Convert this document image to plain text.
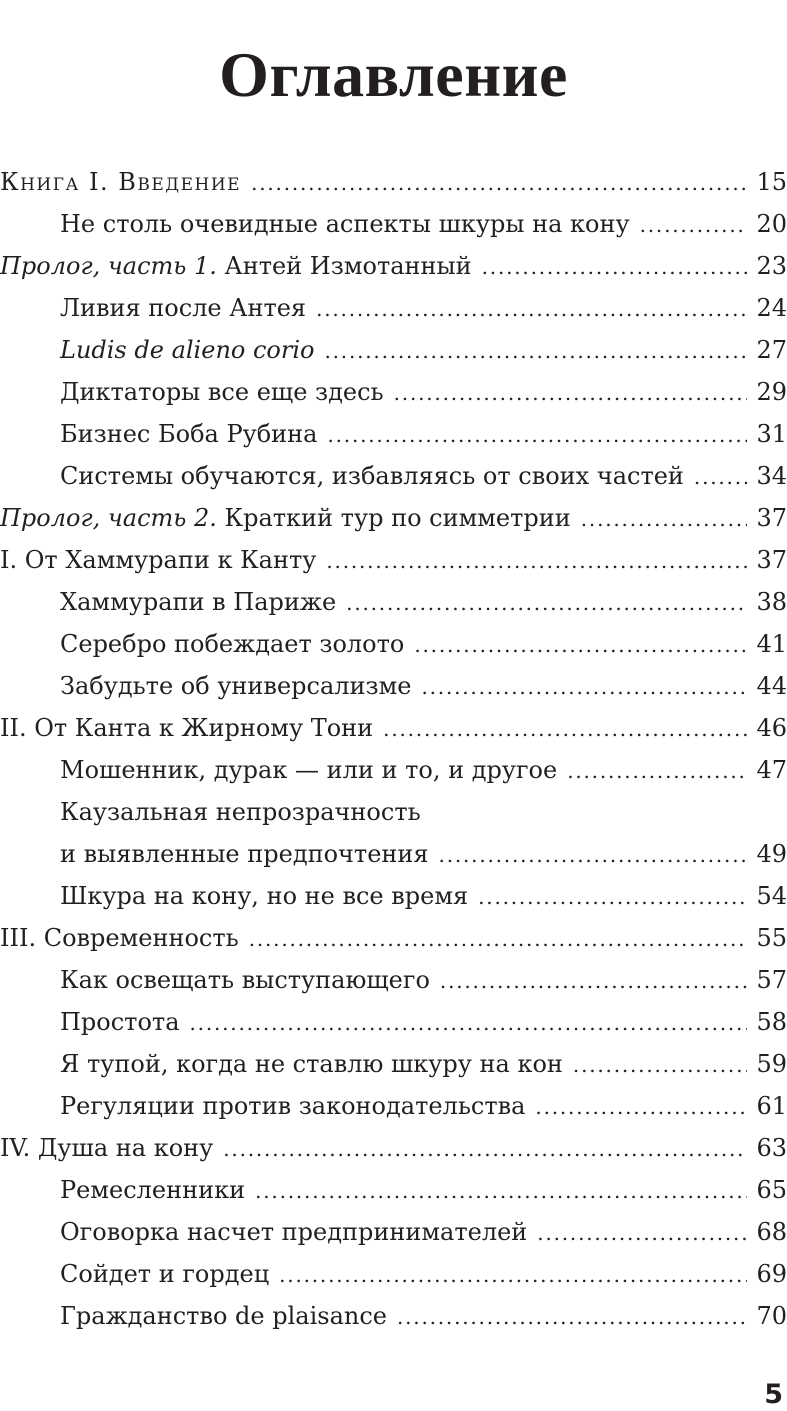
Оглавление
Книга I. Введение .....	15
Не столь очевидные аспекты шкуры на кону .....	20
Пролог, часть 1. Антей Измотанный .....	23
Ливия после Антея .....	24
Ludis de alieno corio .....	27
Диктаторы все еще здесь .....	29
Бизнес Боба Рубина .....	31
Системы обучаются, избавляясь от своих частей .....	34
Пролог, часть 2. Краткий тур по симметрии .....	37
I. От Хаммурапи к Канту .....	37
Хаммурапи в Париже .....	38
Серебро побеждает золото .....	41
Забудьте об универсализме .....	44
II. От Канта к Жирному Тони .....	46
Мошенник, дурак — или и то, и другое .....	47
Каузальная непрозрачность
и выявленные предпочтения .....	49
Шкура на кону, но не все время .....	54
III. Современность .....	55
Как освещать выступающего .....	57
Простота .....	58
Я тупой, когда не ставлю шкуру на кон .....	59
Регуляции против законодательства .....	61
IV. Душа на кону .....	63
Ремесленники .....	65
Оговорка насчет предпринимателей .....	68
Сойдет и гордец .....	69
Гражданство de plaisance .....	70
5
